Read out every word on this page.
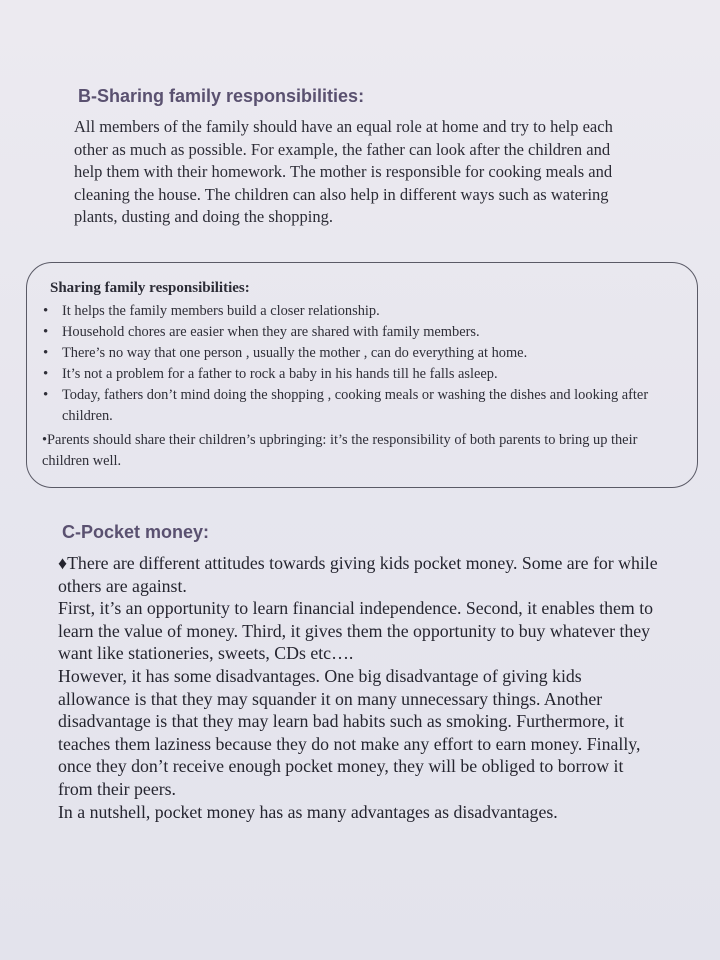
B-Sharing family responsibilities:

All members of the family should have an equal role at home and try to help each other as much as possible. For example, the father can look after the children and help them with their homework. The mother is responsible for cooking meals and cleaning the house. The children can also help in different ways such as watering plants, dusting and doing the shopping.

Sharing family responsibilities:

• It helps the family members build a closer relationship.
• Household chores are easier when they are shared with family members.
• There’s no way that one person , usually the mother , can do everything at home.
• It’s not a problem for a father to rock a baby in his hands till he falls asleep.
• Today, fathers don’t mind doing the shopping , cooking meals or washing the dishes and looking after children.

•Parents should share their children’s upbringing: it’s the responsibility of both parents to bring up their children well.

C-Pocket money:

♦There are different attitudes towards giving kids pocket money. Some are for while others are against.

First, it’s an opportunity to learn financial independence. Second, it enables them to learn the value of money. Third, it gives them the opportunity to buy whatever they want like stationeries, sweets, CDs etc….

However, it has some disadvantages. One big disadvantage of giving kids allowance is that they may squander it on many unnecessary things. Another disadvantage is that they may learn bad habits such as smoking. Furthermore, it teaches them laziness because they do not make any effort to earn money. Finally, once they don’t receive enough pocket money, they will be obliged to borrow it from their peers.

In a nutshell, pocket money has as many advantages as disadvantages.
